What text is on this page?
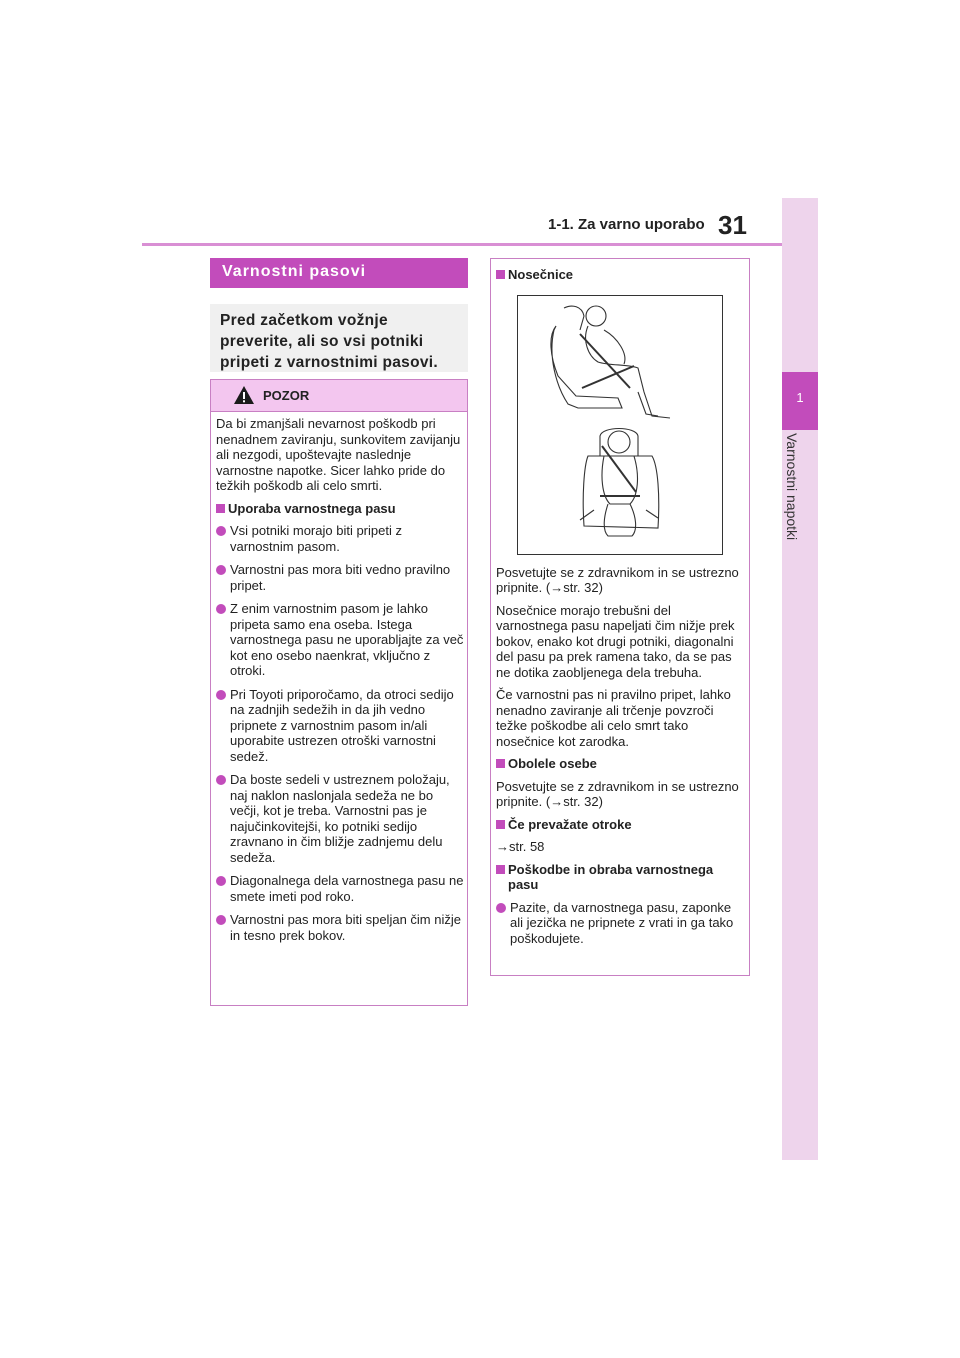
1-1. Za varno uporabo 31
1
Varnostni napotki
Varnostni pasovi
Pred začetkom vožnje preverite, ali so vsi potniki pripeti z varnostnimi pasovi.
POZOR

Da bi zmanjšali nevarnost poškodb pri nenadnem zaviranju, sunkovitem zavijanju ali nezgodi, upoštevajte naslednje varnostne napotke. Sicer lahko pride do težkih poškodb ali celo smrti.

Uporaba varnostnega pasu

Vsi potniki morajo biti pripeti z varnostnim pasom.

Varnostni pas mora biti vedno pravilno pripet.

Z enim varnostnim pasom je lahko pripeta samo ena oseba. Istega varnostnega pasu ne uporabljajte za več kot eno osebo naenkrat, vključno z otroki.

Pri Toyoti priporočamo, da otroci sedijo na zadnjih sedežih in da jih vedno pripnete z varnostnim pasom in/ali uporabite ustrezen otroški varnostni sedež.

Da boste sedeli v ustreznem položaju, naj naklon naslonjala sedeža ne bo večji, kot je treba. Varnostni pas je najučinkovitejši, ko potniki sedijo zravnano in čim bližje zadnjemu delu sedeža.

Diagonalnega dela varnostnega pasu ne smete imeti pod roko.

Varnostni pas mora biti speljan čim nižje in tesno prek bokov.

Nosečnice

Posvetujte se z zdravnikom in se ustrezno pripnite. (→str. 32)

Nosečnice morajo trebušni del varnostnega pasu napeljati čim nižje prek bokov, enako kot drugi potniki, diagonalni del pasu pa prek ramena tako, da se pas ne dotika zaobljenega dela trebuha.

Če varnostni pas ni pravilno pripet, lahko nenadno zaviranje ali trčenje povzroči težke poškodbe ali celo smrt tako nosečnice kot zarodka.

Obolele osebe

Posvetujte se z zdravnikom in se ustrezno pripnite. (→str. 32)

Če prevažate otroke

→str. 58

Poškodbe in obraba varnostnega pasu

Pazite, da varnostnega pasu, zaponke ali jezička ne pripnete z vrati in ga tako poškodujete.
